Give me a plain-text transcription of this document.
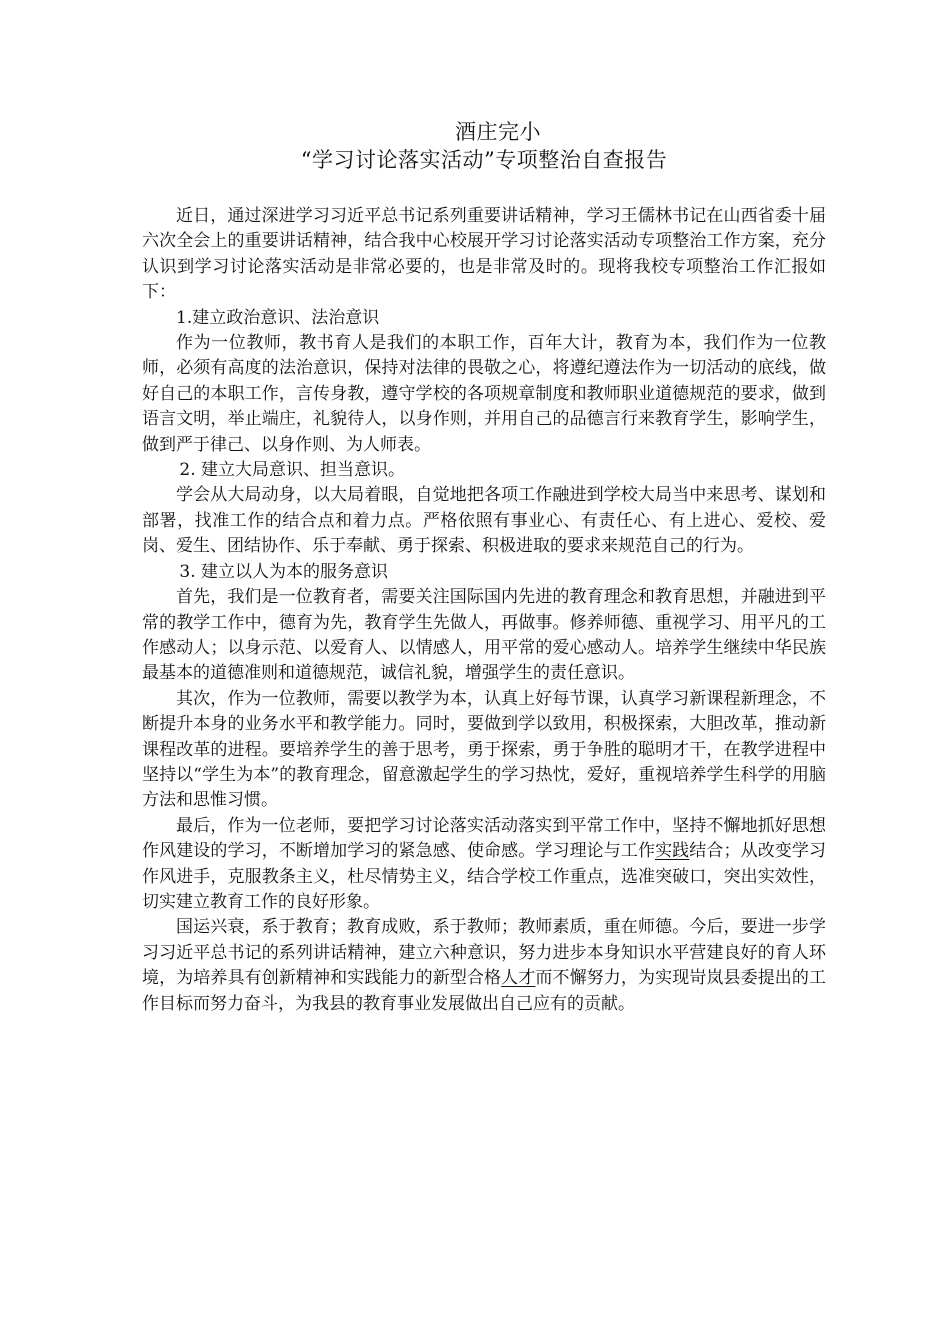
酒庄完小

“学习讨论落实活动”专项整治自查报告

近日，通过深进学习习近平总书记系列重要讲话精神，学习王儒林书记在山西省委十届六次全会上的重要讲话精神，结合我中心校展开学习讨论落实活动专项整治工作方案，充分认识到学习讨论落实活动是非常必要的，也是非常及时的。现将我校专项整治工作汇报如下：

1.建立政治意识、法治意识

作为一位教师，教书育人是我们的本职工作，百年大计，教育为本，我们作为一位教师，必须有高度的法治意识，保持对法律的畏敬之心，将遵纪遵法作为一切活动的底线，做好自己的本职工作，言传身教，遵守学校的各项规章制度和教师职业道德规范的要求，做到语言文明，举止端庄，礼貌待人，以身作则，并用自己的品德言行来教育学生，影响学生，做到严于律己、以身作则、为人师表。

2. 建立大局意识、担当意识。

学会从大局动身，以大局着眼，自觉地把各项工作融进到学校大局当中来思考、谋划和部署，找准工作的结合点和着力点。严格依照有事业心、有责任心、有上进心、爱校、爱岗、爱生、团结协作、乐于奉献、勇于探索、积极进取的要求来规范自己的行为。

3. 建立以人为本的服务意识

首先，我们是一位教育者，需要关注国际国内先进的教育理念和教育思想，并融进到平常的教学工作中，德育为先，教育学生先做人，再做事。修养师德、重视学习、用平凡的工作感动人；以身示范、以爱育人、以情感人，用平常的爱心感动人。培养学生继续中华民族最基本的道德准则和道德规范，诚信礼貌，增强学生的责任意识。

其次，作为一位教师，需要以教学为本，认真上好每节课，认真学习新课程新理念，不断提升本身的业务水平和教学能力。同时，要做到学以致用，积极探索，大胆改革，推动新课程改革的进程。要培养学生的善于思考，勇于探索，勇于争胜的聪明才干，在教学进程中坚持以“学生为本”的教育理念，留意激起学生的学习热忱，爱好，重视培养学生科学的用脑方法和思惟习惯。

最后，作为一位老师，要把学习讨论落实活动落实到平常工作中，坚持不懈地抓好思想作风建设的学习，不断增加学习的紧急感、使命感。学习理论与工作实践结合；从改变学习作风进手，克服教条主义，杜尽情势主义，结合学校工作重点，选准突破口，突出实效性，切实建立教育工作的良好形象。

国运兴衰，系于教育；教育成败，系于教师；教师素质，重在师德。今后，要进一步学习习近平总书记的系列讲话精神，建立六种意识，努力进步本身知识水平营建良好的育人环境，为培养具有创新精神和实践能力的新型合格人才而不懈努力，为实现岢岚县委提出的工作目标而努力奋斗，为我县的教育事业发展做出自己应有的贡献。
